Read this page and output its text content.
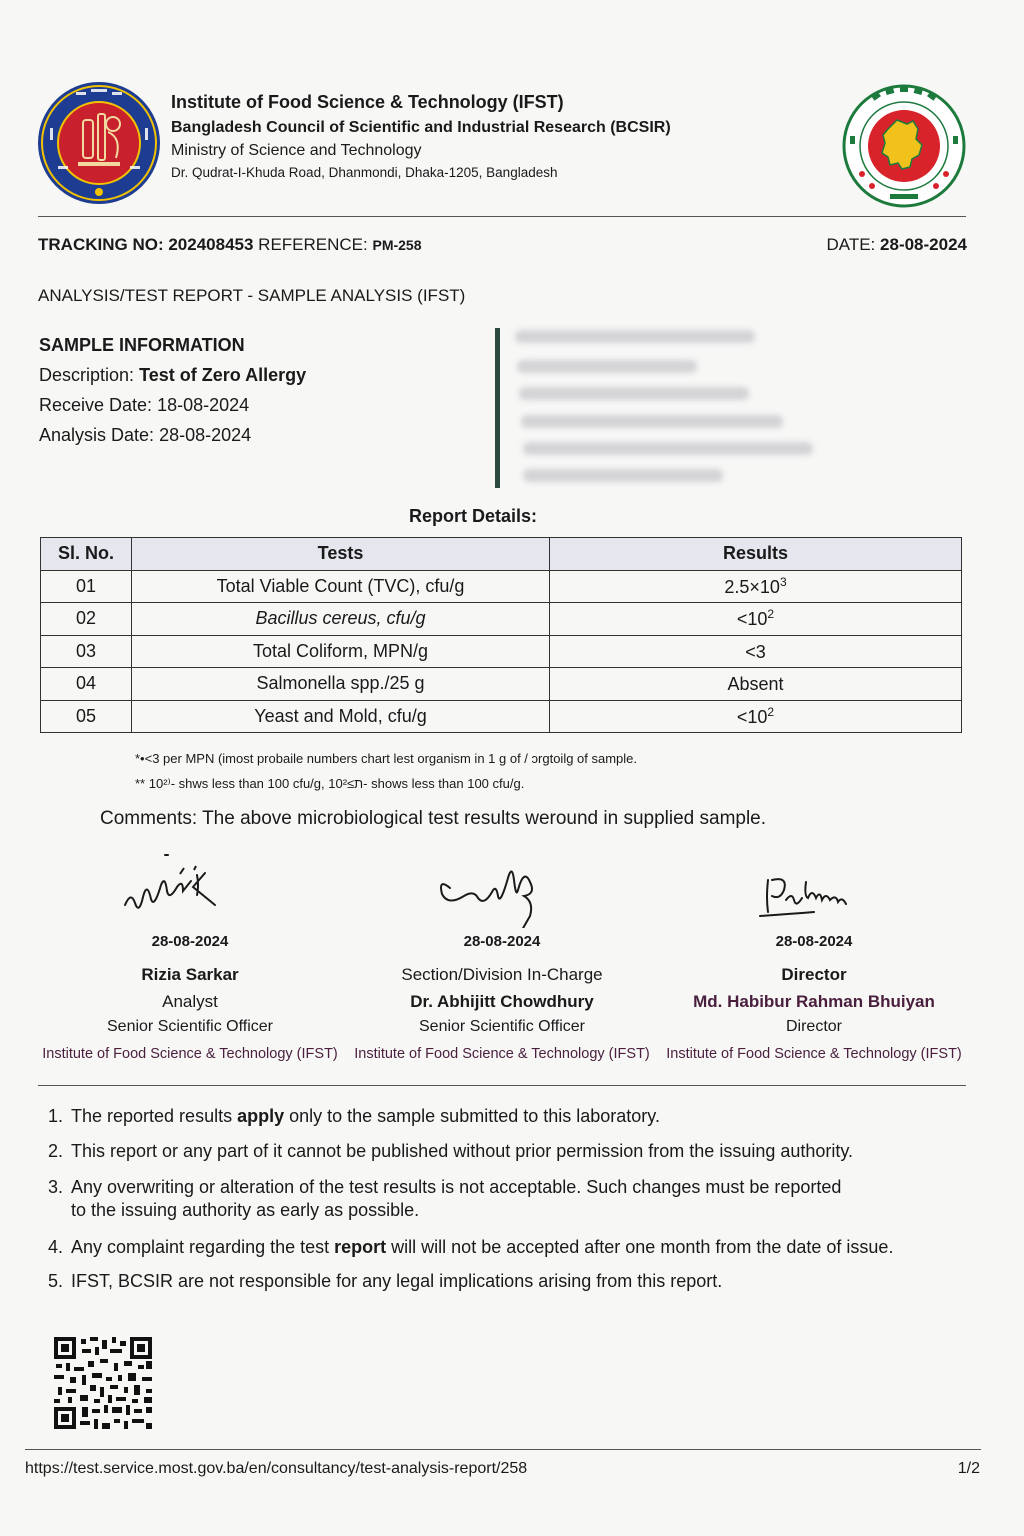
Institute of Food Science & Technology (IFST)
Bangladesh Council of Scientific and Industrial Research (BCSIR)
Ministry of Science and Technology
Dr. Qudrat-I-Khuda Road, Dhanmondi, Dhaka-1205, Bangladesh
TRACKING NO: 202408453 REFERENCE: PM-258	DATE: 28-08-2024
ANALYSIS/TEST REPORT - SAMPLE ANALYSIS (IFST)
SAMPLE INFORMATION
Description: Test of Zero Allergy
Receive Date: 18-08-2024
Analysis Date: 28-08-2024
Report Details:
Sl. No.	Tests	Results
01	Total Viable Count (TVC), cfu/g	$2.5\times 10^3$
02	Bacillus cereus, cfu/g	$<10^2$
03	Total Coliform, MPN/g	<3
04	Salmonella spp./25 g	Absent
05	Yeast and Mold, cfu/g	$<10^2$
*•<3 per MPN (imost probaile numbers chart lest organism in 1 g of / ɔrgtoilg of sample.
** 10²⁾- shws less than 100 cfu/g, ת≥10²- shows less than 100 cfu/g.
Comments: The above microbiological test results weround in supplied sample.
28-08-2024
Rizia Sarkar
Analyst
Senior Scientific Officer
Institute of Food Science & Technology (IFST)
28-08-2024
Section/Division In-Charge
Dr. Abhijitt Chowdhury
Senior Scientific Officer
Institute of Food Science & Technology (IFST)
28-08-2024
Director
Md. Habibur Rahman Bhuiyan
Director
Institute of Food Science & Technology (IFST)
1. The reported results apply only to the sample submitted to this laboratory.
2. This report or any part of it cannot be published without prior permission from the issuing authority.
3. Any overwriting or alteration of the test results is not acceptable. Such changes must be reported
to the issuing authority as early as possible.
4. Any complaint regarding the test report will will not be accepted after one month from the date of issue.
5. IFST, BCSIR are not responsible for any legal implications arising from this report.
https://test.service.most.gov.ba/en/consultancy/test-analysis-report/258	1/2
